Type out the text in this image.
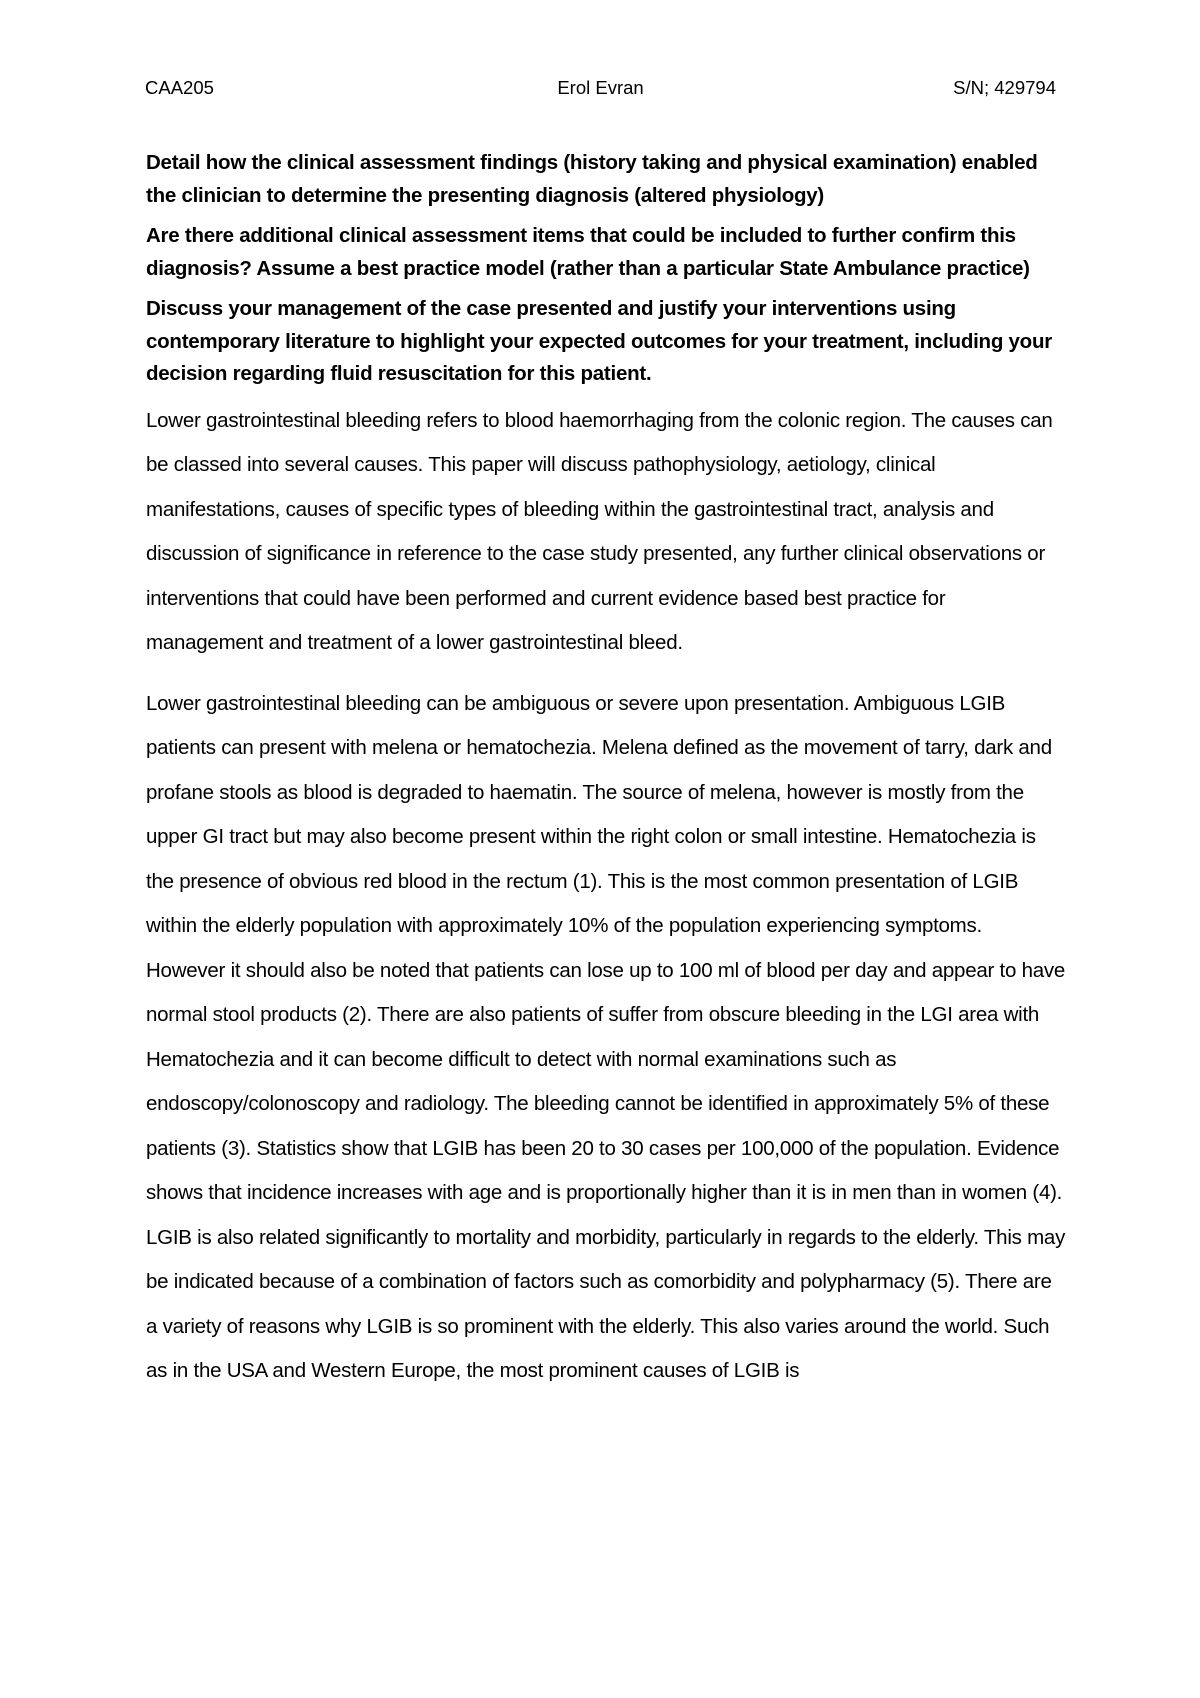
CAA205	Erol Evran	S/N; 429794

Detail how the clinical assessment findings (history taking and physical examination) enabled the clinician to determine the presenting diagnosis (altered physiology)

Are there additional clinical assessment items that could be included to further confirm this diagnosis? Assume a best practice model (rather than a particular State Ambulance practice)

Discuss your management of the case presented and justify your interventions using contemporary literature to highlight your expected outcomes for your treatment, including your decision regarding fluid resuscitation for this patient.

Lower gastrointestinal bleeding refers to blood haemorrhaging from the colonic region. The causes can be classed into several causes. This paper will discuss pathophysiology, aetiology, clinical manifestations, causes of specific types of bleeding within the gastrointestinal tract, analysis and discussion of significance in reference to the case study presented, any further clinical observations or interventions that could have been performed and current evidence based best practice for management and treatment of a lower gastrointestinal bleed.

Lower gastrointestinal bleeding can be ambiguous or severe upon presentation. Ambiguous LGIB patients can present with melena or hematochezia. Melena defined as the movement of tarry, dark and profane stools as blood is degraded to haematin. The source of melena, however is mostly from the upper GI tract but may also become present within the right colon or small intestine. Hematochezia is the presence of obvious red blood in the rectum (1). This is the most common presentation of LGIB within the elderly population with approximately 10% of the population experiencing symptoms. However it should also be noted that patients can lose up to 100 ml of blood per day and appear to have normal stool products (2). There are also patients of suffer from obscure bleeding in the LGI area with Hematochezia and it can become difficult to detect with normal examinations such as endoscopy/colonoscopy and radiology. The bleeding cannot be identified in approximately 5% of these patients (3). Statistics show that LGIB has been 20 to 30 cases per 100,000 of the population. Evidence shows that incidence increases with age and is proportionally higher than it is in men than in women (4). LGIB is also related significantly to mortality and morbidity, particularly in regards to the elderly. This may be indicated because of a combination of factors such as comorbidity and polypharmacy (5). There are a variety of reasons why LGIB is so prominent with the elderly. This also varies around the world. Such as in the USA and Western Europe, the most prominent causes of LGIB is
